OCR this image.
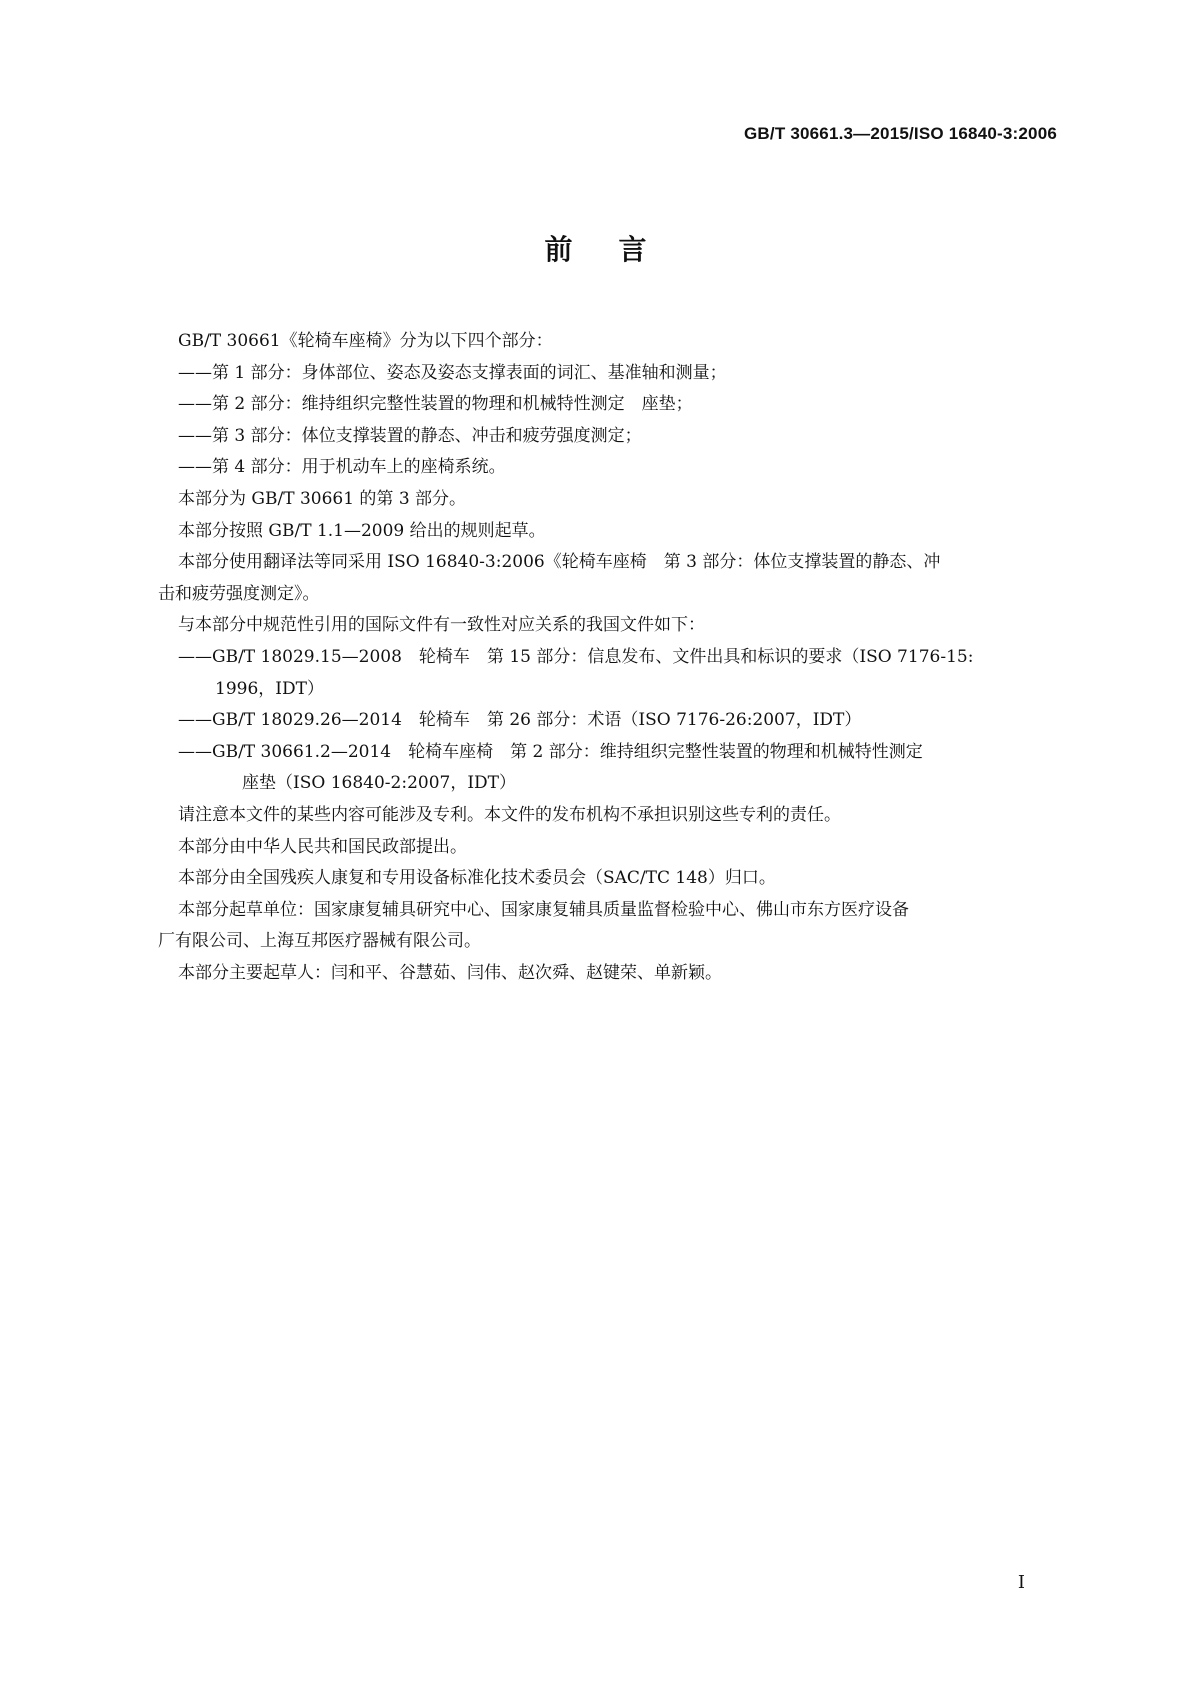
GB/T 30661.3—2015/ISO 16840-3:2006
前言
GB/T 30661《轮椅车座椅》分为以下四个部分：
——第 1 部分：身体部位、姿态及姿态支撑表面的词汇、基准轴和测量；
——第 2 部分：维持组织完整性装置的物理和机械特性测定　座垫；
——第 3 部分：体位支撑装置的静态、冲击和疲劳强度测定；
——第 4 部分：用于机动车上的座椅系统。
本部分为 GB/T 30661 的第 3 部分。
本部分按照 GB/T 1.1—2009 给出的规则起草。
本部分使用翻译法等同采用 ISO 16840-3:2006《轮椅车座椅　第 3 部分：体位支撑装置的静态、冲
击和疲劳强度测定》。
与本部分中规范性引用的国际文件有一致性对应关系的我国文件如下：
——GB/T 18029.15—2008　轮椅车　第 15 部分：信息发布、文件出具和标识的要求（ISO 7176-15:
1996，IDT）
——GB/T 18029.26—2014　轮椅车　第 26 部分：术语（ISO 7176-26:2007，IDT）
——GB/T 30661.2—2014　轮椅车座椅　第 2 部分：维持组织完整性装置的物理和机械特性测定
座垫（ISO 16840-2:2007，IDT）
请注意本文件的某些内容可能涉及专利。本文件的发布机构不承担识别这些专利的责任。
本部分由中华人民共和国民政部提出。
本部分由全国残疾人康复和专用设备标准化技术委员会（SAC/TC 148）归口。
本部分起草单位：国家康复辅具研究中心、国家康复辅具质量监督检验中心、佛山市东方医疗设备
厂有限公司、上海互邦医疗器械有限公司。
本部分主要起草人：闫和平、谷慧茹、闫伟、赵次舜、赵键荣、单新颖。
I
